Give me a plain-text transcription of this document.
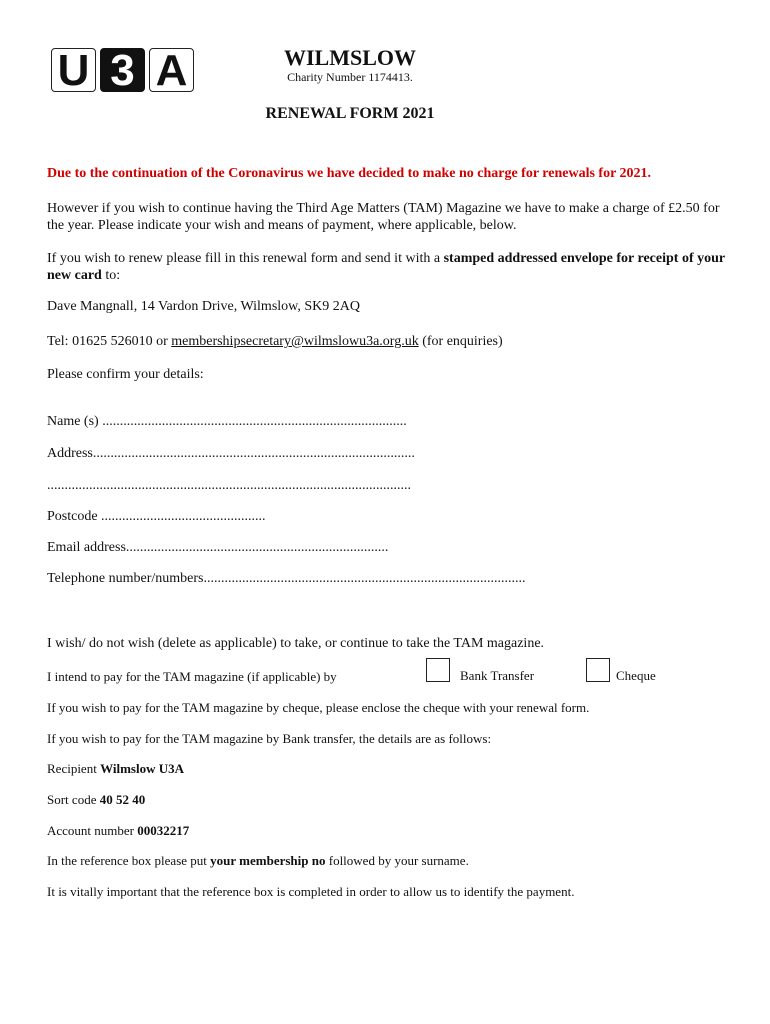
U 3 A	WILMSLOW
Charity Number 1174413.
RENEWAL FORM 2021
Due to the continuation of the Coronavirus we have decided to make no charge for renewals for 2021.
However if you wish to continue having the Third Age Matters (TAM) Magazine we have to make a charge of £2.50 for the year. Please indicate your wish and means of payment, where applicable, below.
If you wish to renew please fill in this renewal form and send it with a stamped addressed envelope for receipt of your new card to:
Dave Mangnall, 14 Vardon Drive, Wilmslow, SK9 2AQ
Tel: 01625 526010 or membershipsecretary@wilmslowu3a.org.uk (for enquiries)
Please confirm your details:
Name (s) .......................................................................................
Address............................................................................................
........................................................................................................
Postcode ...............................................
Email address...........................................................................
Telephone number/numbers............................................................................................
I wish/ do not wish (delete as applicable) to take, or continue to take the TAM magazine.
I intend to pay for the TAM magazine (if applicable) by	Bank Transfer	Cheque
If you wish to pay for the TAM magazine by cheque, please enclose the cheque with your renewal form.
If you wish to pay for the TAM magazine by Bank transfer, the details are as follows:
Recipient Wilmslow U3A
Sort code 40 52 40
Account number 00032217
In the reference box please put your membership no followed by your surname.
It is vitally important that the reference box is completed in order to allow us to identify the payment.
